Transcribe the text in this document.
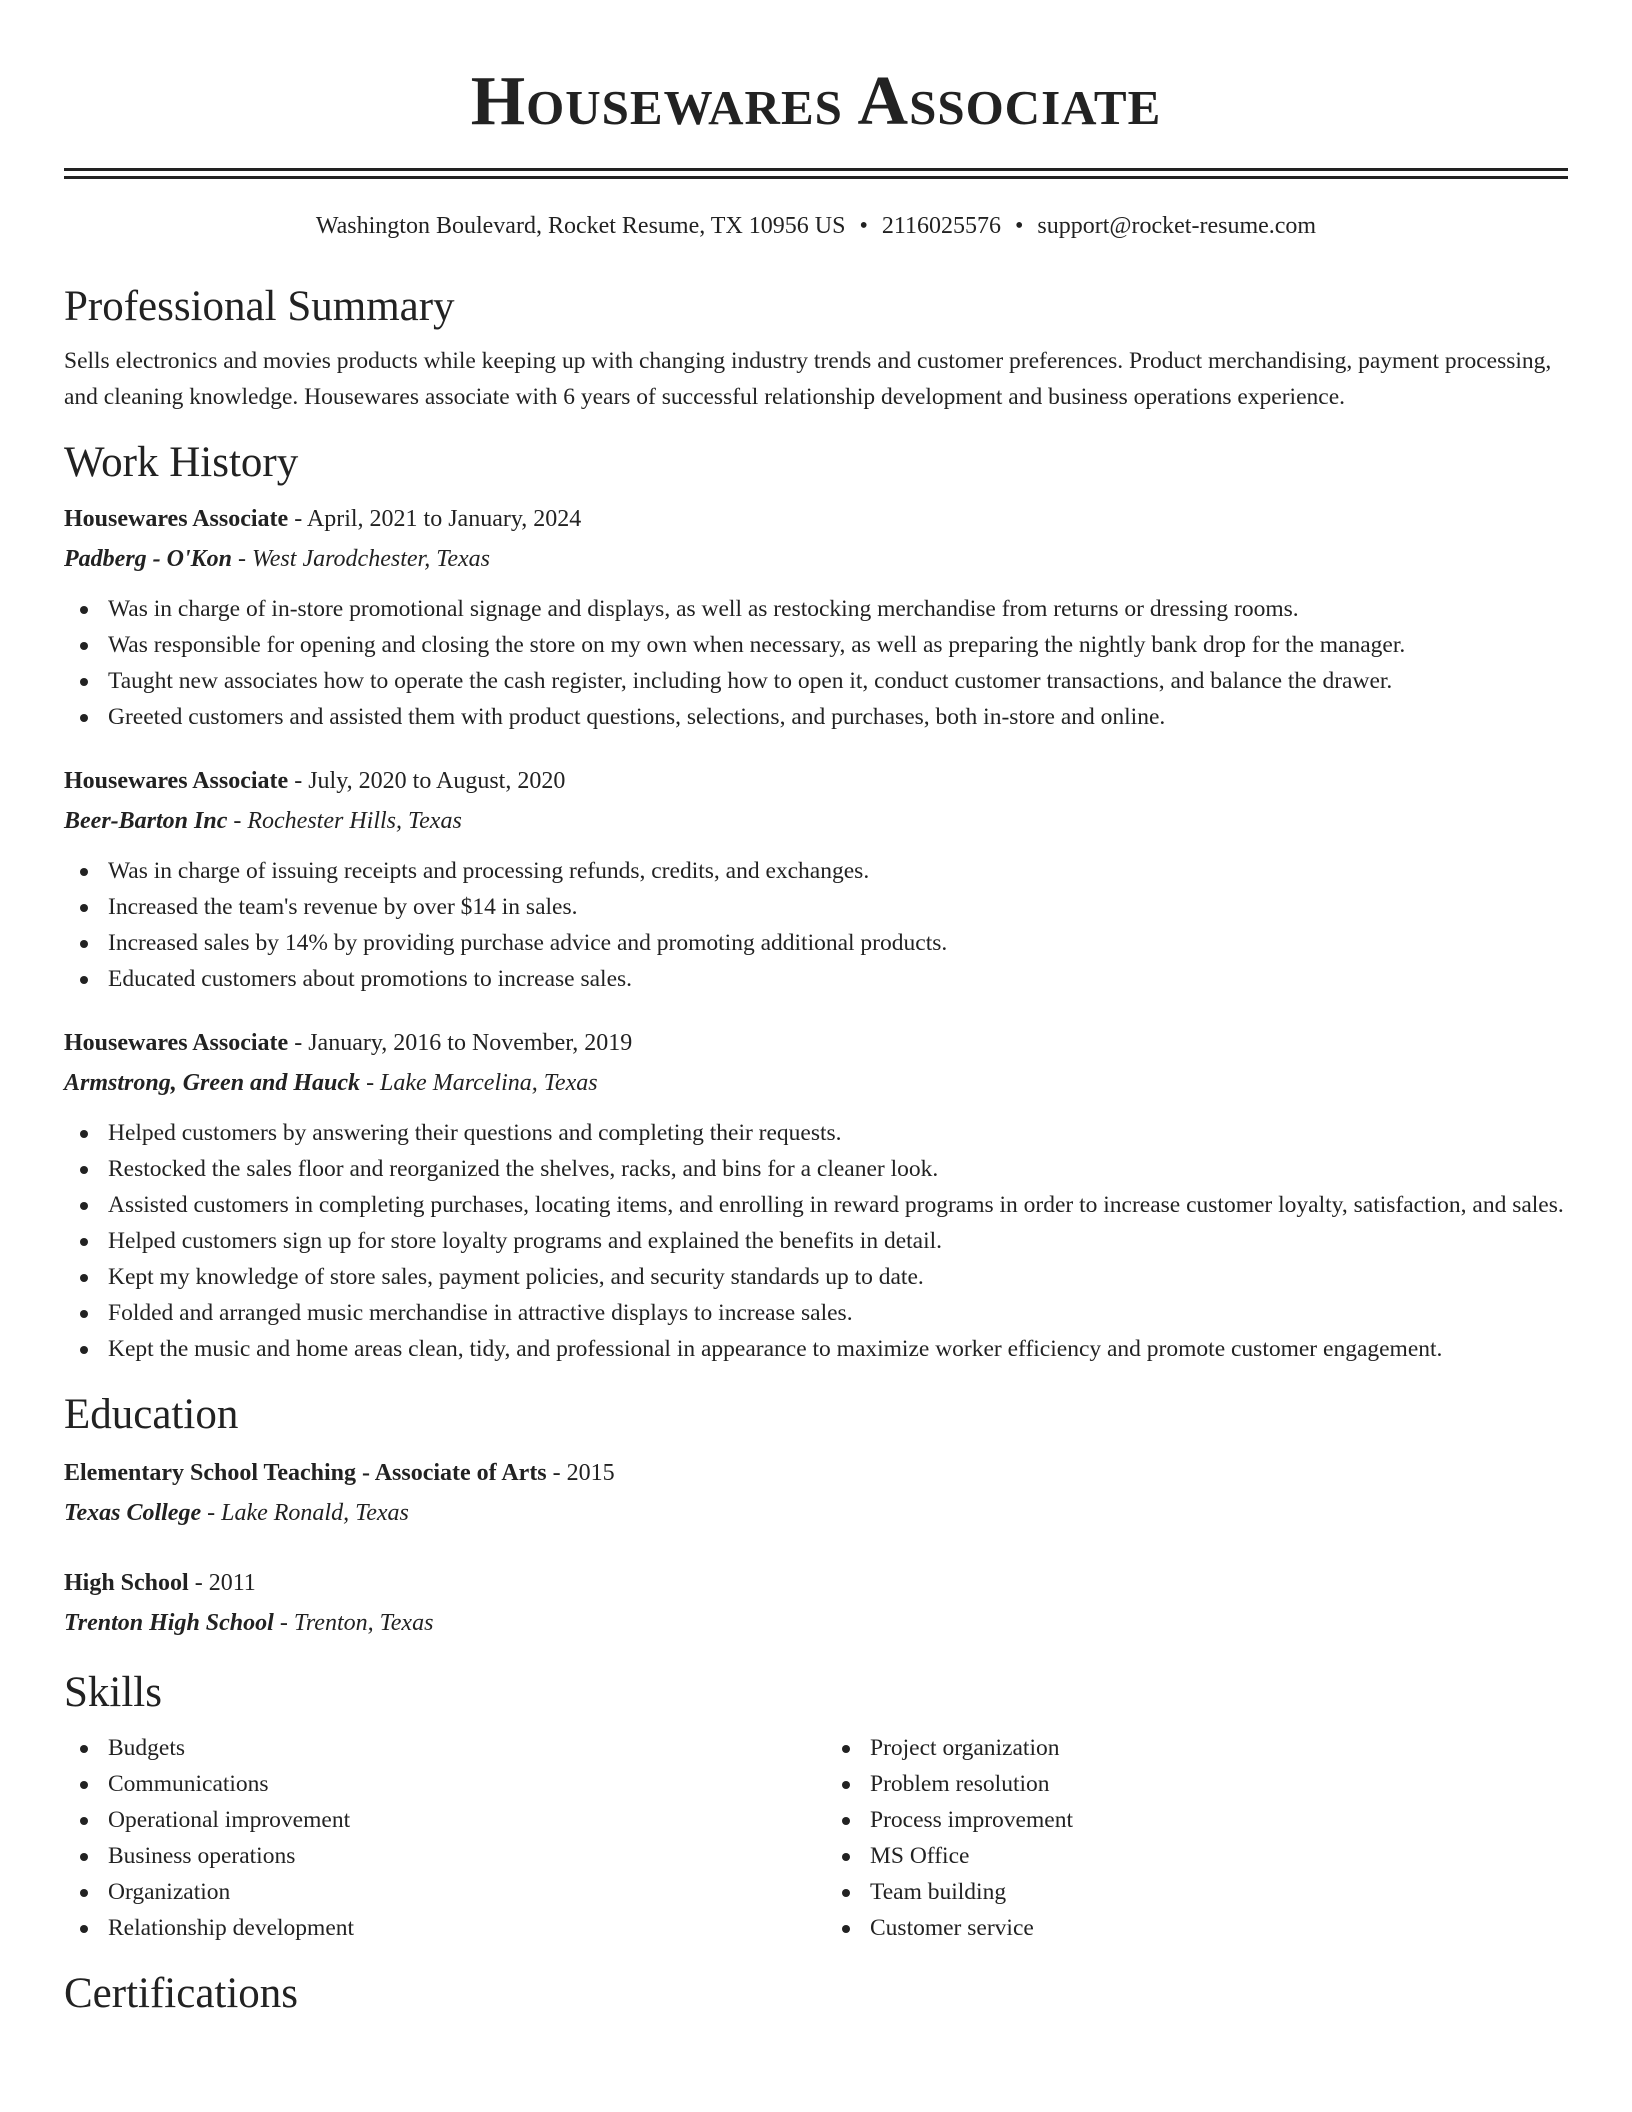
Housewares Associate
Washington Boulevard, Rocket Resume, TX 10956 US • 2116025576 • support@rocket-resume.com
Professional Summary

Sells electronics and movies products while keeping up with changing industry trends and customer preferences. Product merchandising, payment processing, and cleaning knowledge. Housewares associate with 6 years of successful relationship development and business operations experience.

Work History
Housewares Associate - April, 2021 to January, 2024
Padberg - O'Kon - West Jarodchester, Texas
Was in charge of in-store promotional signage and displays, as well as restocking merchandise from returns or dressing rooms.
Was responsible for opening and closing the store on my own when necessary, as well as preparing the nightly bank drop for the manager.
Taught new associates how to operate the cash register, including how to open it, conduct customer transactions, and balance the drawer.
Greeted customers and assisted them with product questions, selections, and purchases, both in-store and online.
Housewares Associate - July, 2020 to August, 2020
Beer-Barton Inc - Rochester Hills, Texas
Was in charge of issuing receipts and processing refunds, credits, and exchanges.
Increased the team's revenue by over $14 in sales.
Increased sales by 14% by providing purchase advice and promoting additional products.
Educated customers about promotions to increase sales.
Housewares Associate - January, 2016 to November, 2019
Armstrong, Green and Hauck - Lake Marcelina, Texas
Helped customers by answering their questions and completing their requests.
Restocked the sales floor and reorganized the shelves, racks, and bins for a cleaner look.
Assisted customers in completing purchases, locating items, and enrolling in reward programs in order to increase customer loyalty, satisfaction, and sales.
Helped customers sign up for store loyalty programs and explained the benefits in detail.
Kept my knowledge of store sales, payment policies, and security standards up to date.
Folded and arranged music merchandise in attractive displays to increase sales.
Kept the music and home areas clean, tidy, and professional in appearance to maximize worker efficiency and promote customer engagement.
Education
Elementary School Teaching - Associate of Arts - 2015
Texas College - Lake Ronald, Texas
High School - 2011
Trenton High School - Trenton, Texas
Skills
Budgets
Communications
Operational improvement
Business operations
Organization
Relationship development
Project organization
Problem resolution
Process improvement
MS Office
Team building
Customer service
Certifications
